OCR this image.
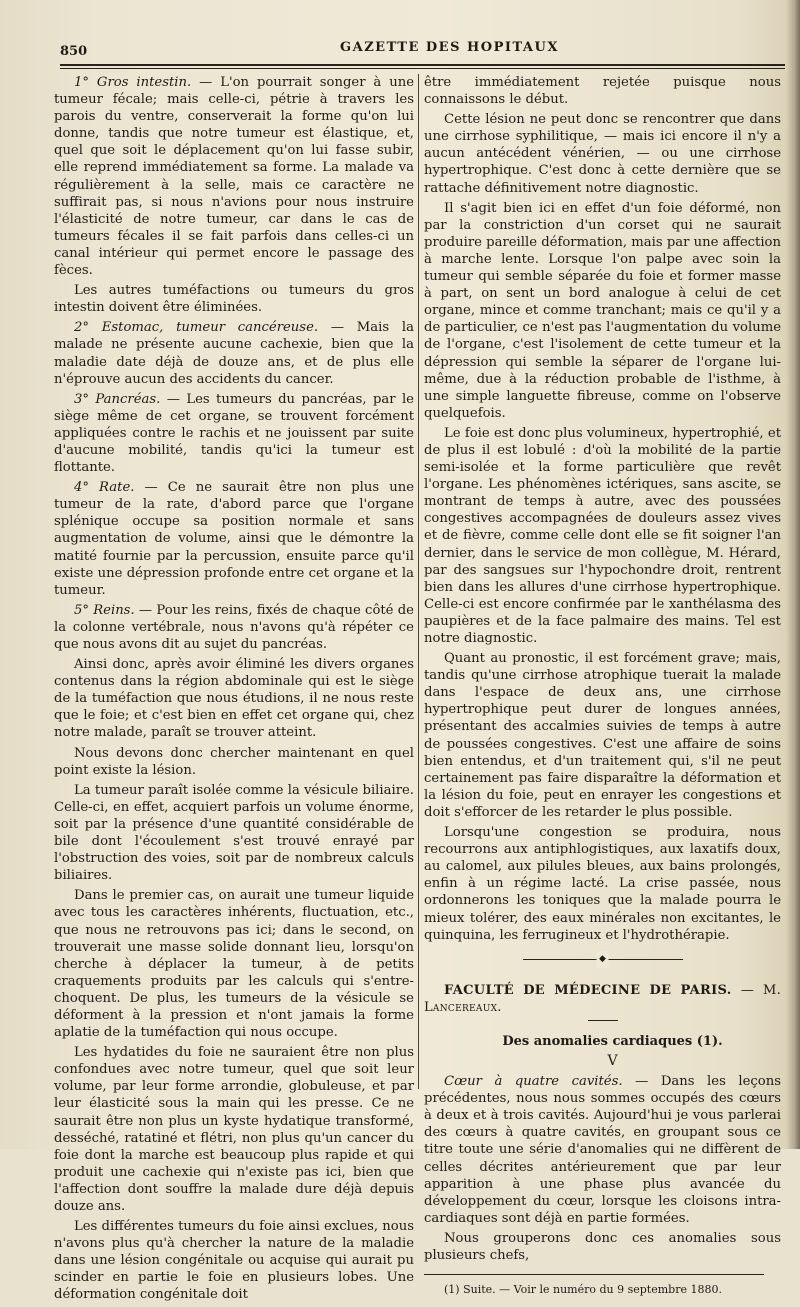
850	GAZETTE DES HOPITAUX

1° Gros intestin. — L'on pourrait songer à une tumeur fécale; mais celle-ci, pétrie à travers les parois du ventre, conserverait la forme qu'on lui donne, tandis que notre tumeur est élastique, et, quel que soit le déplacement qu'on lui fasse subir, elle reprend immédiatement sa forme. La malade va régulièrement à la selle, mais ce caractère ne suffirait pas, si nous n'avions pour nous instruire l'élasticité de notre tumeur, car dans le cas de tumeurs fécales il se fait parfois dans celles-ci un canal intérieur qui permet encore le passage des fèces.

Les autres tuméfactions ou tumeurs du gros intestin doivent être éliminées.

2° Estomac, tumeur cancéreuse. — Mais la malade ne présente aucune cachexie, bien que la maladie date déjà de douze ans, et de plus elle n'éprouve aucun des accidents du cancer.

3° Pancréas. — Les tumeurs du pancréas, par le siège même de cet organe, se trouvent forcément appliquées contre le rachis et ne jouissent par suite d'aucune mobilité, tandis qu'ici la tumeur est flottante.

4° Rate. — Ce ne saurait être non plus une tumeur de la rate, d'abord parce que l'organe splénique occupe sa position normale et sans augmentation de volume, ainsi que le démontre la matité fournie par la percussion, ensuite parce qu'il existe une dépression profonde entre cet organe et la tumeur.

5° Reins. — Pour les reins, fixés de chaque côté de la colonne vertébrale, nous n'avons qu'à répéter ce que nous avons dit au sujet du pancréas.

Ainsi donc, après avoir éliminé les divers organes contenus dans la région abdominale qui est le siège de la tuméfaction que nous étudions, il ne nous reste que le foie; et c'est bien en effet cet organe qui, chez notre malade, paraît se trouver atteint.

Nous devons donc chercher maintenant en quel point existe la lésion.

La tumeur paraît isolée comme la vésicule biliaire. Celle-ci, en effet, acquiert parfois un volume énorme, soit par la présence d'une quantité considérable de bile dont l'écoulement s'est trouvé enrayé par l'obstruction des voies, soit par de nombreux calculs biliaires.

Dans le premier cas, on aurait une tumeur liquide avec tous les caractères inhérents, fluctuation, etc., que nous ne retrouvons pas ici; dans le second, on trouverait une masse solide donnant lieu, lorsqu'on cherche à déplacer la tumeur, à de petits craquements produits par les calculs qui s'entre-choquent. De plus, les tumeurs de la vésicule se déforment à la pression et n'ont jamais la forme aplatie de la tuméfaction qui nous occupe.

Les hydatides du foie ne sauraient être non plus confondues avec notre tumeur, quel que soit leur volume, par leur forme arrondie, globuleuse, et par leur élasticité sous la main qui les presse. Ce ne saurait être non plus un kyste hydatique transformé, desséché, ratatiné et flétri, non plus qu'un cancer du foie dont la marche est beaucoup plus rapide et qui produit une cachexie qui n'existe pas ici, bien que l'affection dont souffre la malade dure déjà depuis douze ans.

Les différentes tumeurs du foie ainsi exclues, nous n'avons plus qu'à chercher la nature de la maladie dans une lésion congénitale ou acquise qui aurait pu scinder en partie le foie en plusieurs lobes. Une déformation congénitale doit

être immédiatement rejetée puisque nous connaissons le début.

Cette lésion ne peut donc se rencontrer que dans une cirrhose syphilitique, — mais ici encore il n'y a aucun antécédent vénérien, — ou une cirrhose hypertrophique. C'est donc à cette dernière que se rattache définitivement notre diagnostic.

Il s'agit bien ici en effet d'un foie déformé, non par la constriction d'un corset qui ne saurait produire pareille déformation, mais par une affection à marche lente. Lorsque l'on palpe avec soin la tumeur qui semble séparée du foie et former masse à part, on sent un bord analogue à celui de cet organe, mince et comme tranchant; mais ce qu'il y a de particulier, ce n'est pas l'augmentation du volume de l'organe, c'est l'isolement de cette tumeur et la dépression qui semble la séparer de l'organe lui-même, due à la réduction probable de l'isthme, à une simple languette fibreuse, comme on l'observe quelquefois.

Le foie est donc plus volumineux, hypertrophié, et de plus il est lobulé : d'où la mobilité de la partie semi-isolée et la forme particulière que revêt l'organe. Les phénomènes ictériques, sans ascite, se montrant de temps à autre, avec des poussées congestives accompagnées de douleurs assez vives et de fièvre, comme celle dont elle se fit soigner l'an dernier, dans le service de mon collègue, M. Hérard, par des sangsues sur l'hypochondre droit, rentrent bien dans les allures d'une cirrhose hypertrophique. Celle-ci est encore confirmée par le xanthélasma des paupières et de la face palmaire des mains. Tel est notre diagnostic.

Quant au pronostic, il est forcément grave; mais, tandis qu'une cirrhose atrophique tuerait la malade dans l'espace de deux ans, une cirrhose hypertrophique peut durer de longues années, présentant des accalmies suivies de temps à autre de poussées congestives. C'est une affaire de soins bien entendus, et d'un traitement qui, s'il ne peut certainement pas faire disparaître la déformation et la lésion du foie, peut en enrayer les congestions et doit s'efforcer de les retarder le plus possible.

Lorsqu'une congestion se produira, nous recourrons aux antiphlogistiques, aux laxatifs doux, au calomel, aux pilules bleues, aux bains prolongés, enfin à un régime lacté. La crise passée, nous ordonnerons les toniques que la malade pourra le mieux tolérer, des eaux minérales non excitantes, le quinquina, les ferrugineux et l'hydrothérapie.

◆

FACULTÉ DE MÉDECINE DE PARIS. — M. Lancereaux.

Des anomalies cardiaques (1).

V

Cœur à quatre cavités. — Dans les leçons précédentes, nous nous sommes occupés des cœurs à deux et à trois cavités. Aujourd'hui je vous parlerai des cœurs à quatre cavités, en groupant sous ce titre toute une série d'anomalies qui ne diffèrent de celles décrites antérieurement que par leur apparition à une phase plus avancée du développement du cœur, lorsque les cloisons intra-cardiaques sont déjà en partie formées.

Nous grouperons donc ces anomalies sous plusieurs chefs,

(1) Suite. — Voir le numéro du 9 septembre 1880.
